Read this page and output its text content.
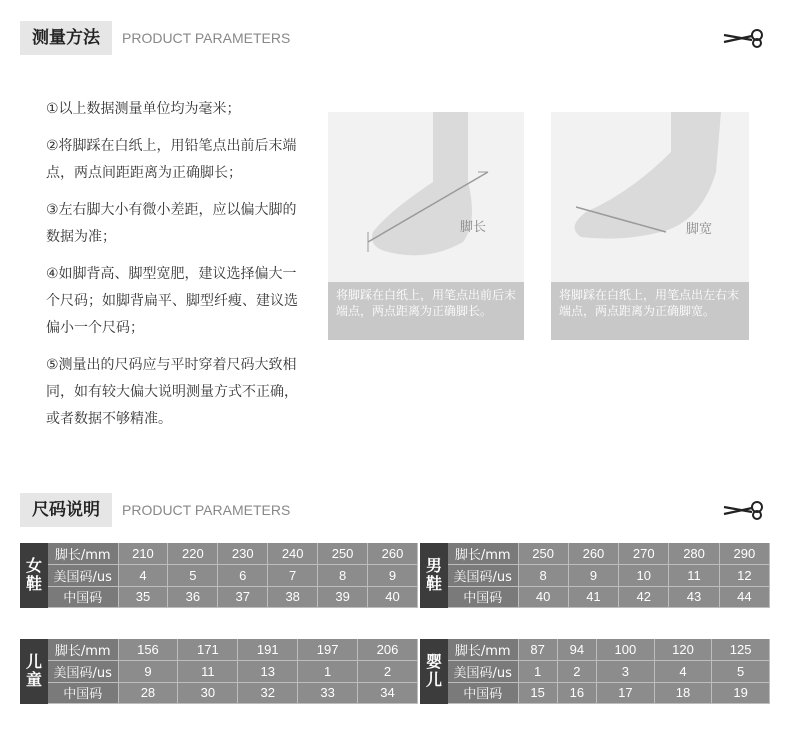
测量方法	PRODUCT PARAMETERS

①以上数据测量单位均为毫米；

②将脚踩在白纸上，用铅笔点出前后末端点，两点间距距离为正确脚长；

③左右脚大小有微小差距，应以偏大脚的数据为准；

④如脚背高、脚型宽肥，建议选择偏大一个尺码；如脚背扁平、脚型纤瘦、建议选偏小一个尺码；

⑤测量出的尺码应与平时穿着尺码大致相同，如有较大偏大说明测量方式不正确，或者数据不够精准。

脚长
将脚踩在白纸上，用笔点出前后末端点，两点距离为正确脚长。
脚宽
将脚踩在白纸上，用笔点出左右末端点，两点距离为正确脚宽。
尺码说明	PRODUCT PARAMETERS
女鞋	脚长/mm	210	220	230	240	250	260
	美国码/us	4	5	6	7	8	9
	中国码	35	36	37	38	39	40
男鞋	脚长/mm	250	260	270	280	290
	美国码/us	8	9	10	11	12
	中国码	40	41	42	43	44
儿童	脚长/mm	156	171	191	197	206
	美国码/us	9	11	13	1	2
	中国码	28	30	32	33	34
婴儿	脚长/mm	87	94	100	120	125
	美国码/us	1	2	3	4	5
	中国码	15	16	17	18	19
